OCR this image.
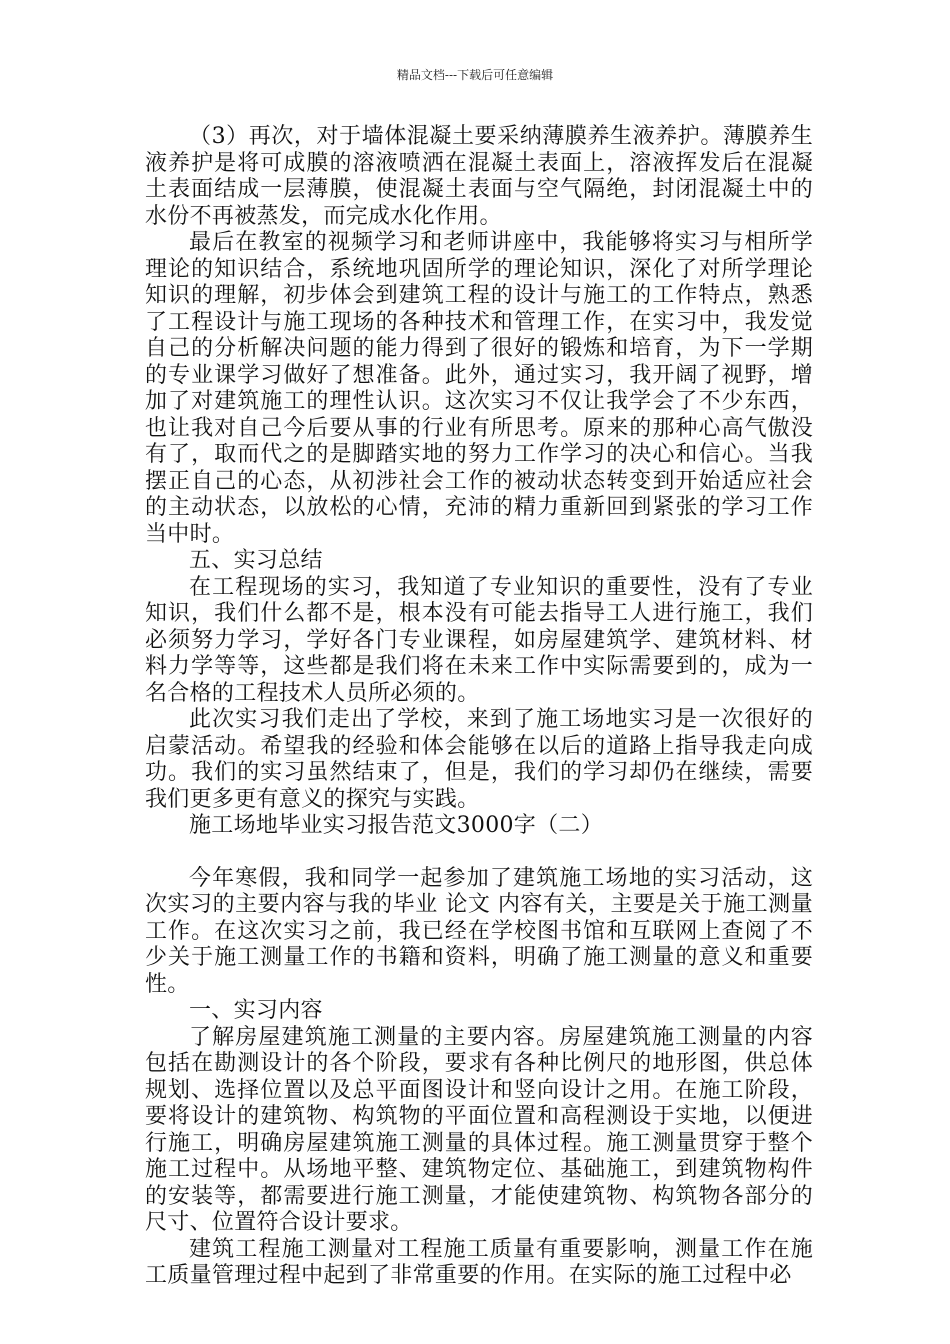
精品文档---下载后可任意编辑

（3）再次，对于墙体混凝土要采纳薄膜养生液养护。薄膜养生液养护是将可成膜的溶液喷洒在混凝土表面上，溶液挥发后在混凝土表面结成一层薄膜，使混凝土表面与空气隔绝，封闭混凝土中的水份不再被蒸发，而完成水化作用。

最后在教室的视频学习和老师讲座中，我能够将实习与相所学理论的知识结合，系统地巩固所学的理论知识，深化了对所学理论知识的理解，初步体会到建筑工程的设计与施工的工作特点，熟悉了工程设计与施工现场的各种技术和管理工作，在实习中，我发觉自己的分析解决问题的能力得到了很好的锻炼和培育，为下一学期的专业课学习做好了想准备。此外，通过实习，我开阔了视野，增加了对建筑施工的理性认识。这次实习不仅让我学会了不少东西，也让我对自己今后要从事的行业有所思考。原来的那种心高气傲没有了，取而代之的是脚踏实地的努力工作学习的决心和信心。当我摆正自己的心态，从初涉社会工作的被动状态转变到开始适应社会的主动状态，以放松的心情，充沛的精力重新回到紧张的学习工作当中时。

五、实习总结

在工程现场的实习，我知道了专业知识的重要性，没有了专业知识，我们什么都不是，根本没有可能去指导工人进行施工，我们必须努力学习，学好各门专业课程，如房屋建筑学、建筑材料、材料力学等等，这些都是我们将在未来工作中实际需要到的，成为一名合格的工程技术人员所必须的。

此次实习我们走出了学校，来到了施工场地实习是一次很好的启蒙活动。希望我的经验和体会能够在以后的道路上指导我走向成功。我们的实习虽然结束了，但是，我们的学习却仍在继续，需要我们更多更有意义的探究与实践。

施工场地毕业实习报告范文3000字（二）

今年寒假，我和同学一起参加了建筑施工场地的实习活动，这次实习的主要内容与我的毕业 论文 内容有关，主要是关于施工测量工作。在这次实习之前，我已经在学校图书馆和互联网上查阅了不少关于施工测量工作的书籍和资料，明确了施工测量的意义和重要性。

一、实习内容

了解房屋建筑施工测量的主要内容。房屋建筑施工测量的内容包括在勘测设计的各个阶段，要求有各种比例尺的地形图，供总体规划、选择位置以及总平面图设计和竖向设计之用。在施工阶段，要将设计的建筑物、构筑物的平面位置和高程测设于实地，以便进行施工，明确房屋建筑施工测量的具体过程。施工测量贯穿于整个施工过程中。从场地平整、建筑物定位、基础施工，到建筑物构件的安装等，都需要进行施工测量，才能使建筑物、构筑物各部分的尺寸、位置符合设计要求。

建筑工程施工测量对工程施工质量有重要影响，测量工作在施工质量管理过程中起到了非常重要的作用。在实际的施工过程中必
